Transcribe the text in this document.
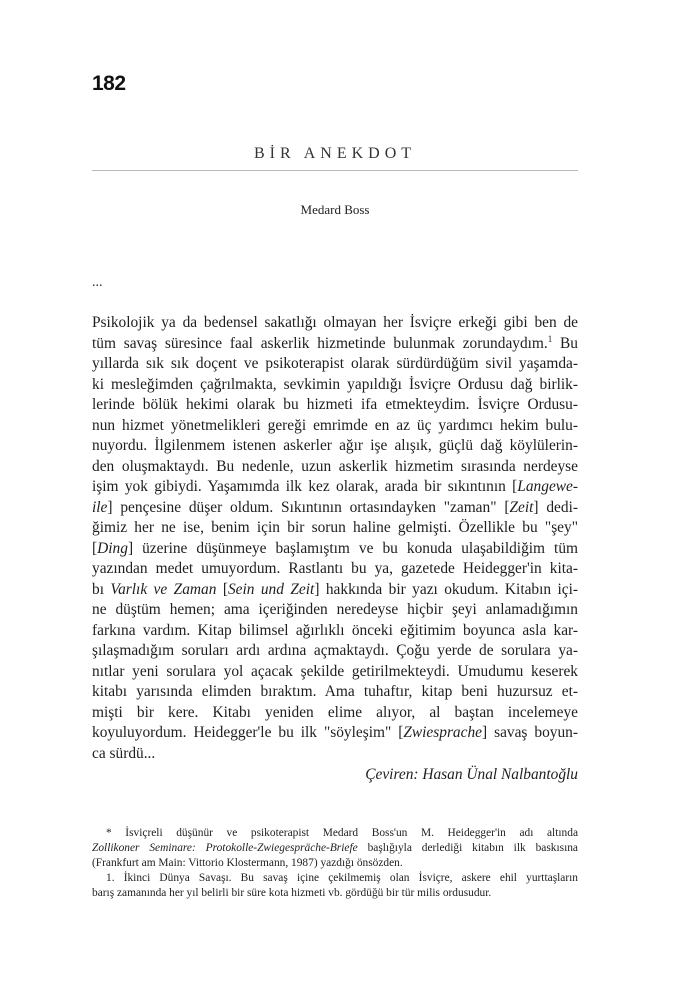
182
BİR ANEKDOT
Medard Boss
...
Psikolojik ya da bedensel sakatlığı olmayan her İsviçre erkeği gibi ben de
tüm savaş süresince faal askerlik hizmetinde bulunmak zorundaydım.$^1$ Bu
yıllarda sık sık doçent ve psikoterapist olarak sürdürdüğüm sivil yaşamda-
ki mesleğimden çağrılmakta, sevkimin yapıldığı İsviçre Ordusu dağ birlik-
lerinde bölük hekimi olarak bu hizmeti ifa etmekteydim. İsviçre Ordusu-
nun hizmet yönetmelikleri gereği emrimde en az üç yardımcı hekim bulu-
nuyordu. İlgilenmem istenen askerler ağır işe alışık, güçlü dağ köylülerin-
den oluşmaktaydı. Bu nedenle, uzun askerlik hizmetim sırasında nerdeyse
işim yok gibiydi. Yaşamımda ilk kez olarak, arada bir sıkıntının [Langewe-
ile] pençesine düşer oldum. Sıkıntının ortasındayken "zaman" [Zeit] dedi-
ğimiz her ne ise, benim için bir sorun haline gelmişti. Özellikle bu "şey"
[Ding] üzerine düşünmeye başlamıştım ve bu konuda ulaşabildiğim tüm
yazından medet umuyordum. Rastlantı bu ya, gazetede Heidegger'in kita-
bı Varlık ve Zaman [Sein und Zeit] hakkında bir yazı okudum. Kitabın içi-
ne düştüm hemen; ama içeriğinden neredeyse hiçbir şeyi anlamadığımın
farkına vardım. Kitap bilimsel ağırlıklı önceki eğitimim boyunca asla kar-
şılaşmadığım soruları ardı ardına açmaktaydı. Çoğu yerde de sorulara ya-
nıtlar yeni sorulara yol açacak şekilde getirilmekteydi. Umudumu keserek
kitabı yarısında elimden bıraktım. Ama tuhaftır, kitap beni huzursuz et-
mişti bir kere. Kitabı yeniden elime alıyor, al baştan incelemeye
koyuluyordum. Heidegger'le bu ilk "söyleşim" [Zwiesprache] savaş boyun-
ca sürdü...
Çeviren: Hasan Ünal Nalbantoğlu
* İsviçreli düşünür ve psikoterapist Medard Boss'un M. Heidegger'in adı altında
Zollikoner Seminare: Protokolle-Zwiegespräche-Briefe başlığıyla derlediği kitabın ilk baskısına
(Frankfurt am Main: Vittorio Klostermann, 1987) yazdığı önsözden.
1. İkinci Dünya Savaşı. Bu savaş içine çekilmemiş olan İsviçre, askere ehil yurttaşların
barış zamanında her yıl belirli bir süre kota hizmeti vb. gördüğü bir tür milis ordusudur.
